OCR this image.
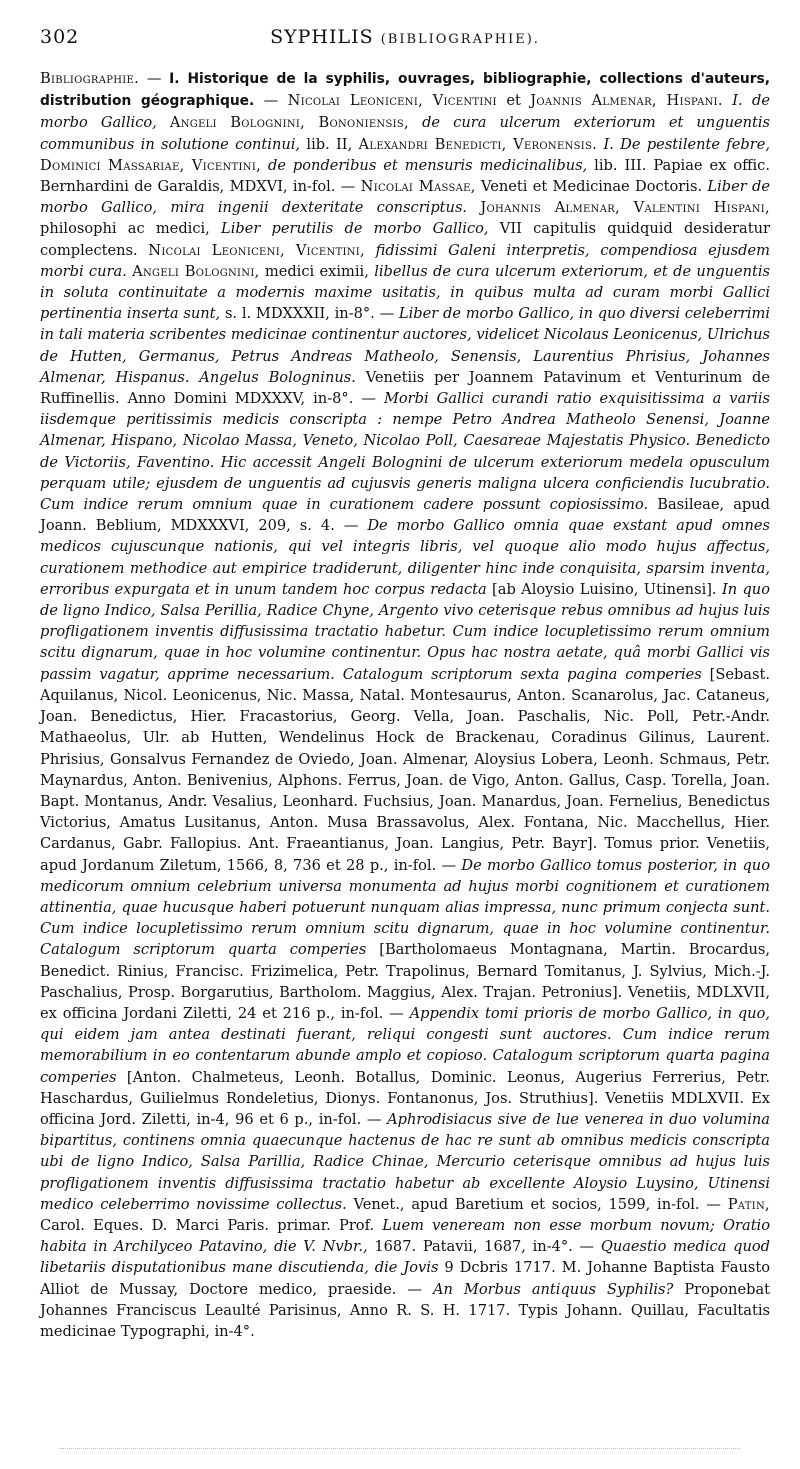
302	SYPHILIS (BIBLIOGRAPHIE).
Bibliographie. — I. Historique de la syphilis, ouvrages, bibliographie, collections d'auteurs, distribution géographique. — Nicolai Leoniceni, Vicentini et Joannis Almenar, Hispani. I. de morbo Gallico, Angeli Bolognini, Bononiensis, de cura ulcerum exteriorum et unguentis communibus in solutione continui, lib. II, Alexandri Benedicti, Veronensis. I. De pestilente febre, Dominici Massariae, Vicentini, de ponderibus et mensuris medicinalibus, lib. III. Papiae ex offic. Bernhardini de Garaldis, MDXVI, in-fol. — Nicolai Massae, Veneti et Medicinae Doctoris. Liber de morbo Gallico, mira ingenii dexteritate conscriptus. Johannis Almenar, Valentini Hispani, philosophi ac medici, Liber perutilis de morbo Gallico, VII capitulis quidquid desideratur complectens. Nicolai Leoniceni, Vicentini, fidissimi Galeni interpretis, compendiosa ejusdem morbi cura. Angeli Bolognini, medici eximii, libellus de cura ulcerum exteriorum, et de unguentis in soluta continuitate a modernis maxime usitatis, in quibus multa ad curam morbi Gallici pertinentia inserta sunt, s. l. MDXXXII, in-8°. — Liber de morbo Gallico, in quo diversi celeberrimi in tali materia scribentes medicinae continentur auctores, videlicet Nicolaus Leonicenus, Ulrichus de Hutten, Germanus, Petrus Andreas Matheolo, Senensis, Laurentius Phrisius, Johannes Almenar, Hispanus. Angelus Bologninus. Venetiis per Joannem Patavinum et Venturinum de Ruffinellis. Anno Domini MDXXXV, in-8°. — Morbi Gallici curandi ratio exquisitissima a variis iisdemque peritissimis medicis conscripta : nempe Petro Andrea Matheolo Senensi, Joanne Almenar, Hispano, Nicolao Massa, Veneto, Nicolao Poll, Caesareae Majestatis Physico. Benedicto de Victoriis, Faventino. Hic accessit Angeli Bolognini de ulcerum exteriorum medela opusculum perquam utile; ejusdem de unguentis ad cujusvis generis maligna ulcera conficiendis lucubratio. Cum indice rerum omnium quae in curationem cadere possunt copiosissimo. Basileae, apud Joann. Beblium, MDXXXVI, 209, s. 4. — De morbo Gallico omnia quae exstant apud omnes medicos cujuscunque nationis, qui vel integris libris, vel quoque alio modo hujus affectus, curationem methodice aut empirice tradiderunt, diligenter hinc inde conquisita, sparsim inventa, erroribus expurgata et in unum tandem hoc corpus redacta [ab Aloysio Luisino, Utinensi]. In quo de ligno Indico, Salsa Perillia, Radice Chyne, Argento vivo ceterisque rebus omnibus ad hujus luis profligationem inventis diffusissima tractatio habetur. Cum indice locupletissimo rerum omnium scitu dignarum, quae in hoc volumine continentur. Opus hac nostra aetate, quâ morbi Gallici vis passim vagatur, apprime necessarium. Catalogum scriptorum sexta pagina comperies [Sebast. Aquilanus, Nicol. Leonicenus, Nic. Massa, Natal. Montesaurus, Anton. Scanarolus, Jac. Cataneus, Joan. Benedictus, Hier. Fracastorius, Georg. Vella, Joan. Paschalis, Nic. Poll, Petr.-Andr. Mathaeolus, Ulr. ab Hutten, Wendelinus Hock de Brackenau, Coradinus Gilinus, Laurent. Phrisius, Gonsalvus Fernandez de Oviedo, Joan. Almenar, Aloysius Lobera, Leonh. Schmaus, Petr. Maynardus, Anton. Benivenius, Alphons. Ferrus, Joan. de Vigo, Anton. Gallus, Casp. Torella, Joan. Bapt. Montanus, Andr. Vesalius, Leonhard. Fuchsius, Joan. Manardus, Joan. Fernelius, Benedictus Victorius, Amatus Lusitanus, Anton. Musa Brassavolus, Alex. Fontana, Nic. Macchellus, Hier. Cardanus, Gabr. Fallopius. Ant. Fraeantianus, Joan. Langius, Petr. Bayr]. Tomus prior. Venetiis, apud Jordanum Ziletum, 1566, 8, 736 et 28 p., in-fol. — De morbo Gallico tomus posterior, in quo medicorum omnium celebrium universa monumenta ad hujus morbi cognitionem et curationem attinentia, quae hucusque haberi potuerunt nunquam alias impressa, nunc primum conjecta sunt. Cum indice locupletissimo rerum omnium scitu dignarum, quae in hoc volumine continentur. Catalogum scriptorum quarta comperies [Bartholomaeus Montagnana, Martin. Brocardus, Benedict. Rinius, Francisc. Frizimelica, Petr. Trapolinus, Bernard Tomitanus, J. Sylvius, Mich.-J. Paschalius, Prosp. Borgarutius, Bartholom. Maggius, Alex. Trajan. Petronius]. Venetiis, MDLXVII, ex officina Jordani Ziletti, 24 et 216 p., in-fol. — Appendix tomi prioris de morbo Gallico, in quo, qui eidem jam antea destinati fuerant, reliqui congesti sunt auctores. Cum indice rerum memorabilium in eo contentarum abunde amplo et copioso. Catalogum scriptorum quarta pagina comperies [Anton. Chalmeteus, Leonh. Botallus, Dominic. Leonus, Augerius Ferrerius, Petr. Haschardus, Guilielmus Rondeletius, Dionys. Fontanonus, Jos. Struthius]. Venetiis MDLXVII. Ex officina Jord. Ziletti, in-4, 96 et 6 p., in-fol. — Aphrodisiacus sive de lue venerea in duo volumina bipartitus, continens omnia quaecunque hactenus de hac re sunt ab omnibus medicis conscripta ubi de ligno Indico, Salsa Parillia, Radice Chinae, Mercurio ceterisque omnibus ad hujus luis profligationem inventis diffusissima tractatio habetur ab excellente Aloysio Luysino, Utinensi medico celeberrimo novissime collectus. Venet., apud Baretium et socios, 1599, in-fol. — Patin, Carol. Eques. D. Marci Paris. primar. Prof. Luem veneream non esse morbum novum; Oratio habita in Archilyceo Patavino, die V. Nvbr., 1687. Patavii, 1687, in-4°. — Quaestio medica quod libetariis disputationibus mane discutienda, die Jovis 9 Dcbris 1717. M. Johanne Baptista Fausto Alliot de Mussay, Doctore medico, praeside. — An Morbus antiquus Syphilis? Proponebat Johannes Franciscus Leaulté Parisinus, Anno R. S. H. 1717. Typis Johann. Quillau, Facultatis medicinae Typographi, in-4°.
